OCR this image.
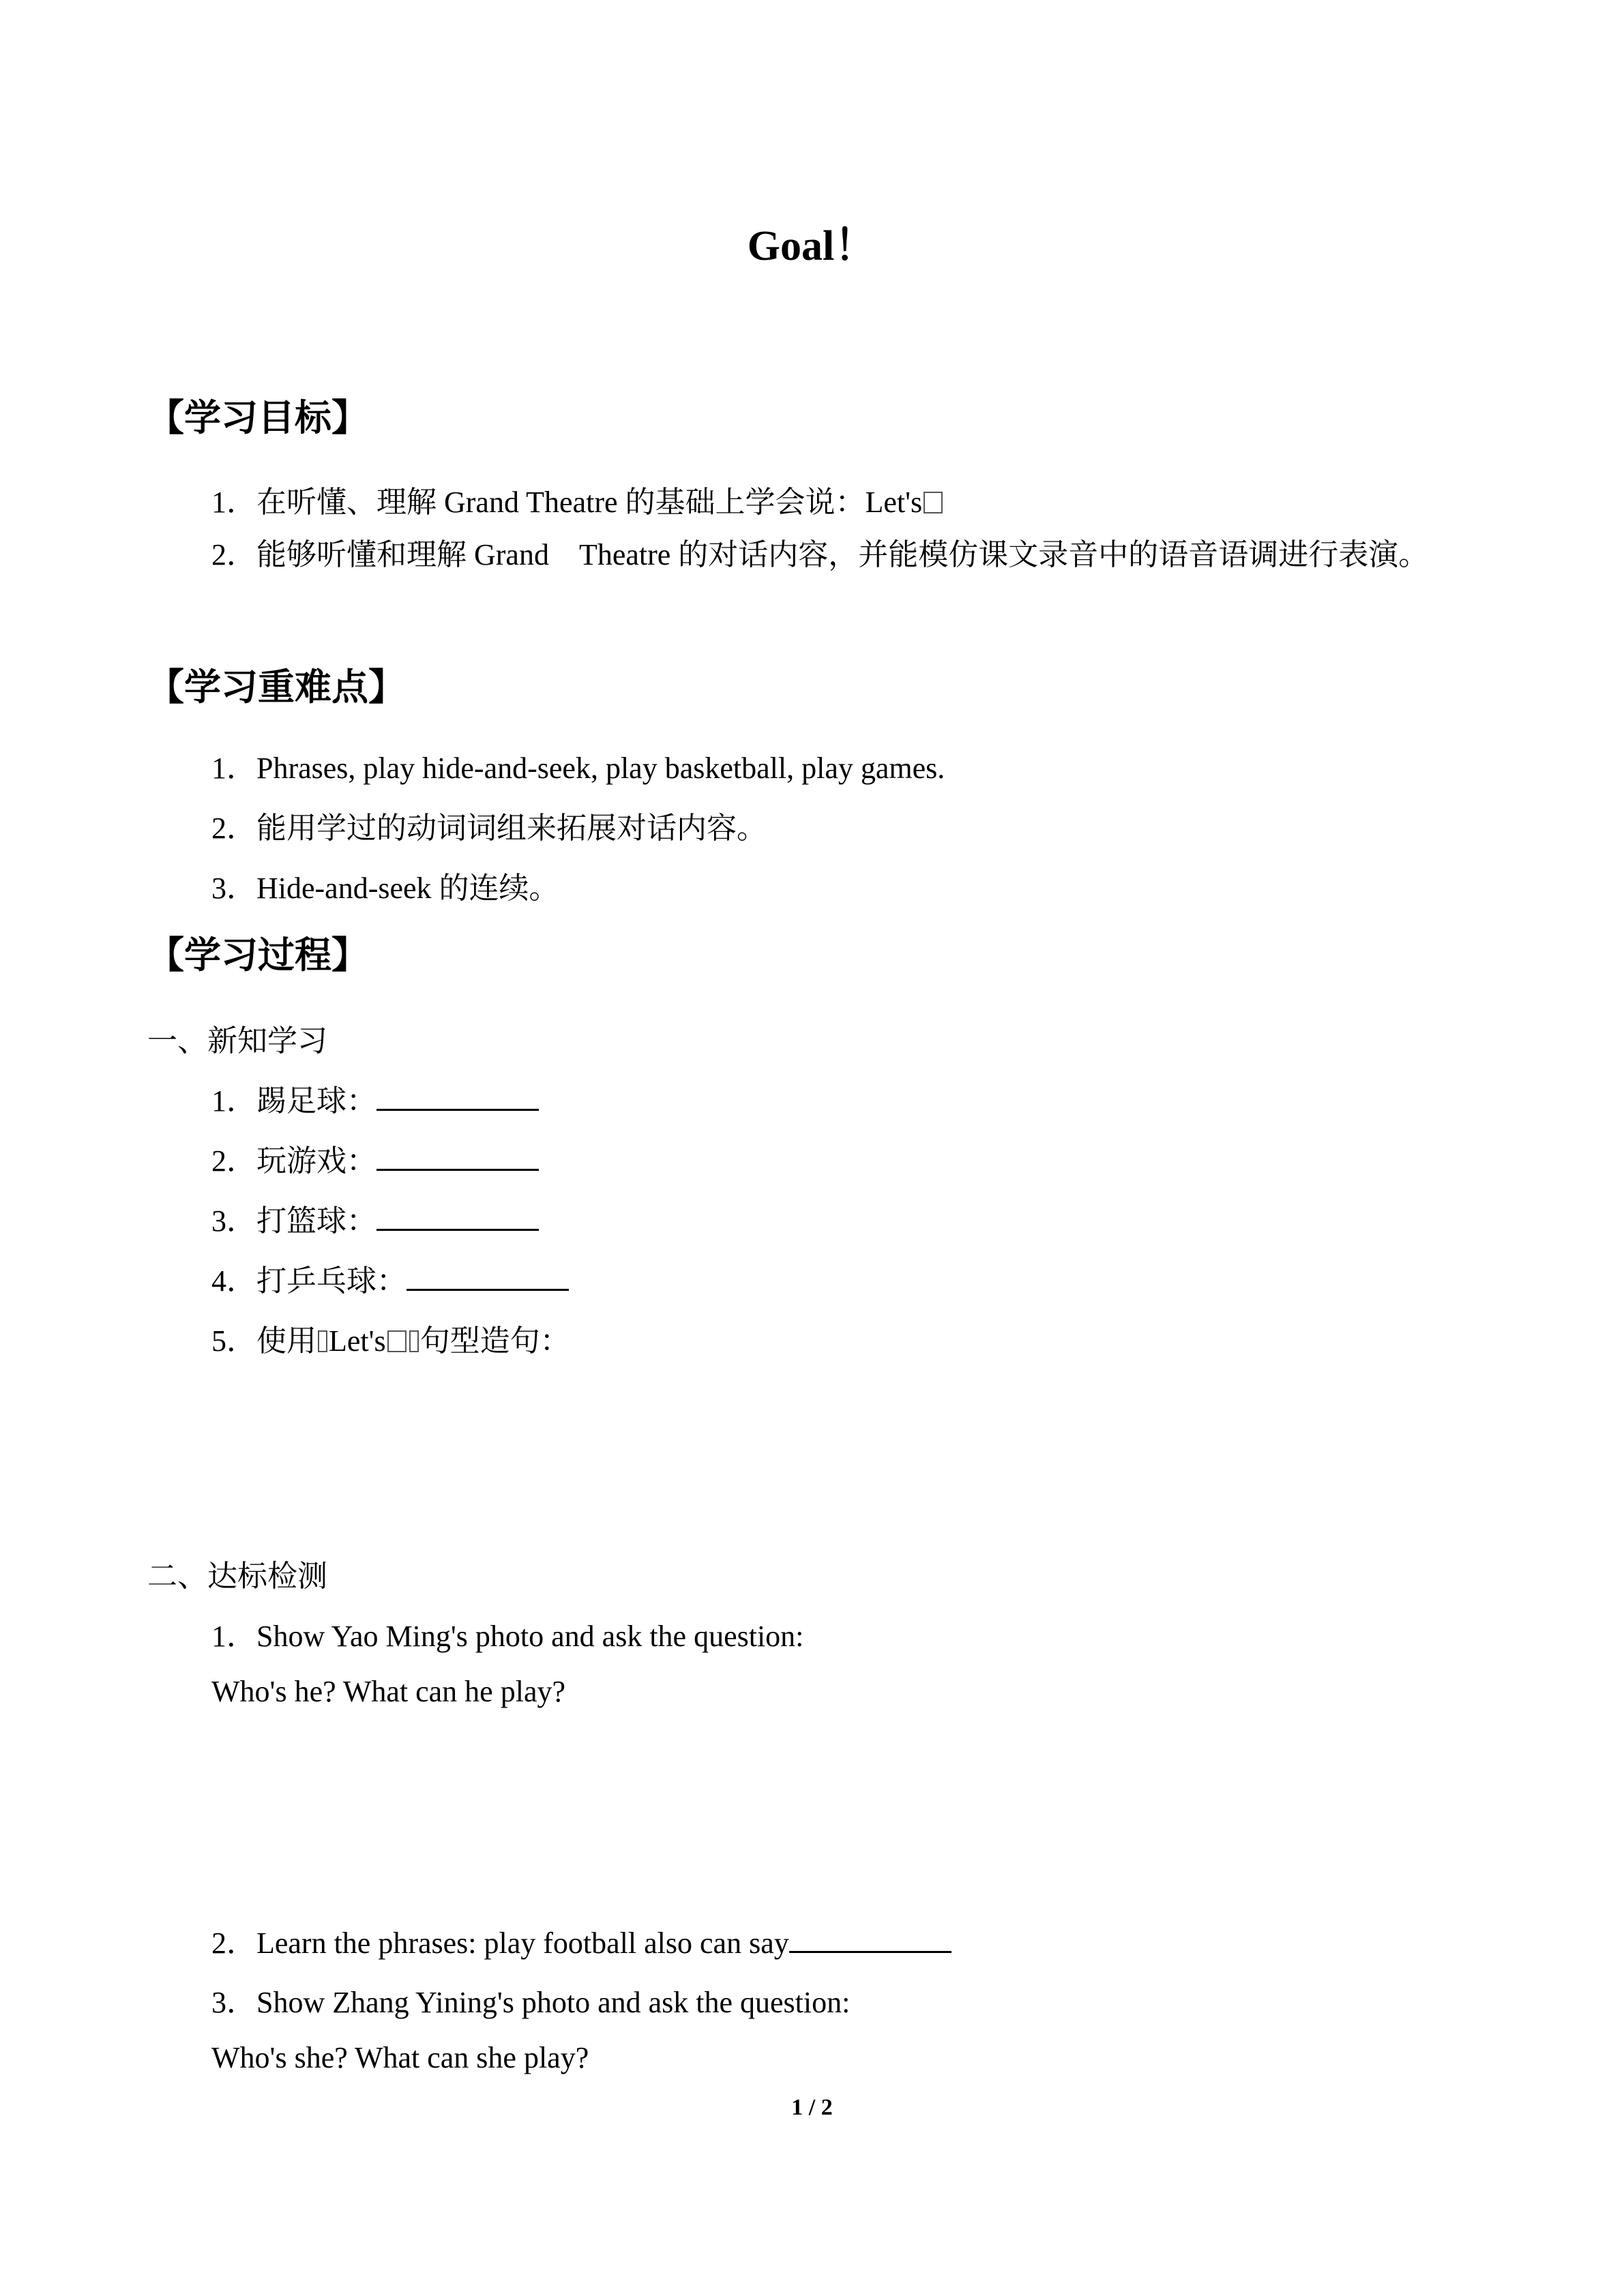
Goal！
【学习目标】
1．在听懂、理解 Grand Theatre 的基础上学会说：Let's
2．能够听懂和理解 Grand　Theatre 的对话内容，并能模仿课文录音中的语音语调进行表演。
【学习重难点】
1．Phrases, play hide-and-seek, play basketball, play games.
2．能用学过的动词词组来拓展对话内容。
3．Hide-and-seek 的连续。
【学习过程】
一、新知学习
1．踢足球：
2．玩游戏：
3．打篮球：
4．打乒乓球：
5．使用 Let's 句型造句：
二、达标检测
1．Show Yao Ming's photo and ask the question:
Who's he? What can he play?
2．Learn the phrases: play football also can say
3．Show Zhang Yining's photo and ask the question:
Who's she? What can she play?
1 / 2
